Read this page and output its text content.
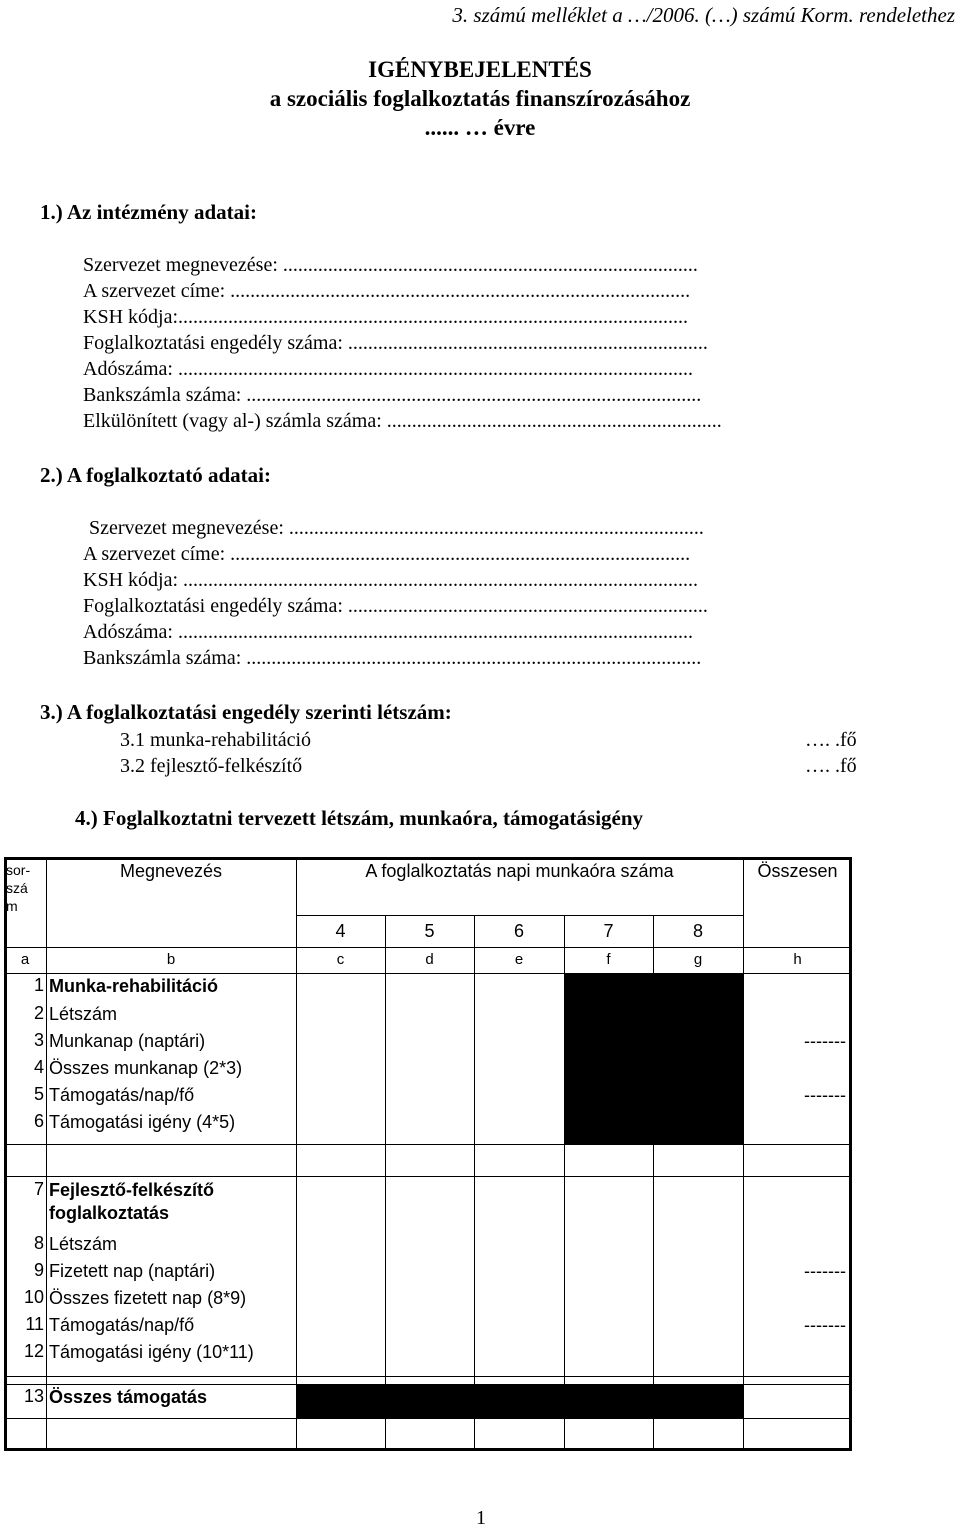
3. számú melléklet a …/2006. (…) számú Korm. rendelethez
IGÉNYBEJELENTÉS
a szociális foglalkoztatás finanszírozásához
...... … évre
1.) Az intézmény adatai:
Szervezet megnevezése: ...................................................................................
A szervezet címe: ............................................................................................
KSH kódja:......................................................................................................
Foglalkoztatási engedély száma: ........................................................................
Adószáma: .......................................................................................................
Bankszámla száma: ...........................................................................................
Elkülönített (vagy al-) számla száma: ...................................................................
2.) A foglalkoztató adatai:
Szervezet megnevezése: ...................................................................................
A szervezet címe: ............................................................................................
KSH kódja: .......................................................................................................
Foglalkoztatási engedély száma: ........................................................................
Adószáma: .......................................................................................................
Bankszámla száma: ...........................................................................................
3.) A foglalkoztatási engedély szerinti létszám:
3.1 munka-rehabilitáció	…. .fő
3.2 fejlesztő-felkészítő	…. .fő
4.) Foglalkoztatni tervezett létszám, munkaóra, támogatásigény
sor-
szá
m
Megnevezés	A foglalkoztatás napi munkaóra száma	Összesen
4	5	6	7	8
a	b	c	d	e	f	g	h
1 Munka-rehabilitáció
2 Létszám
3 Munkanap (naptári)	-------
4 Összes munkanap (2*3)
5 Támogatás/nap/fő	-------
6 Támogatási igény (4*5)
7 Fejlesztő-felkészítő
foglalkoztatás
8 Létszám
9 Fizetett nap (naptári)	-------
10 Összes fizetett nap (8*9)
11 Támogatás/nap/fő	-------
12 Támogatási igény (10*11)
13 Összes támogatás
1
